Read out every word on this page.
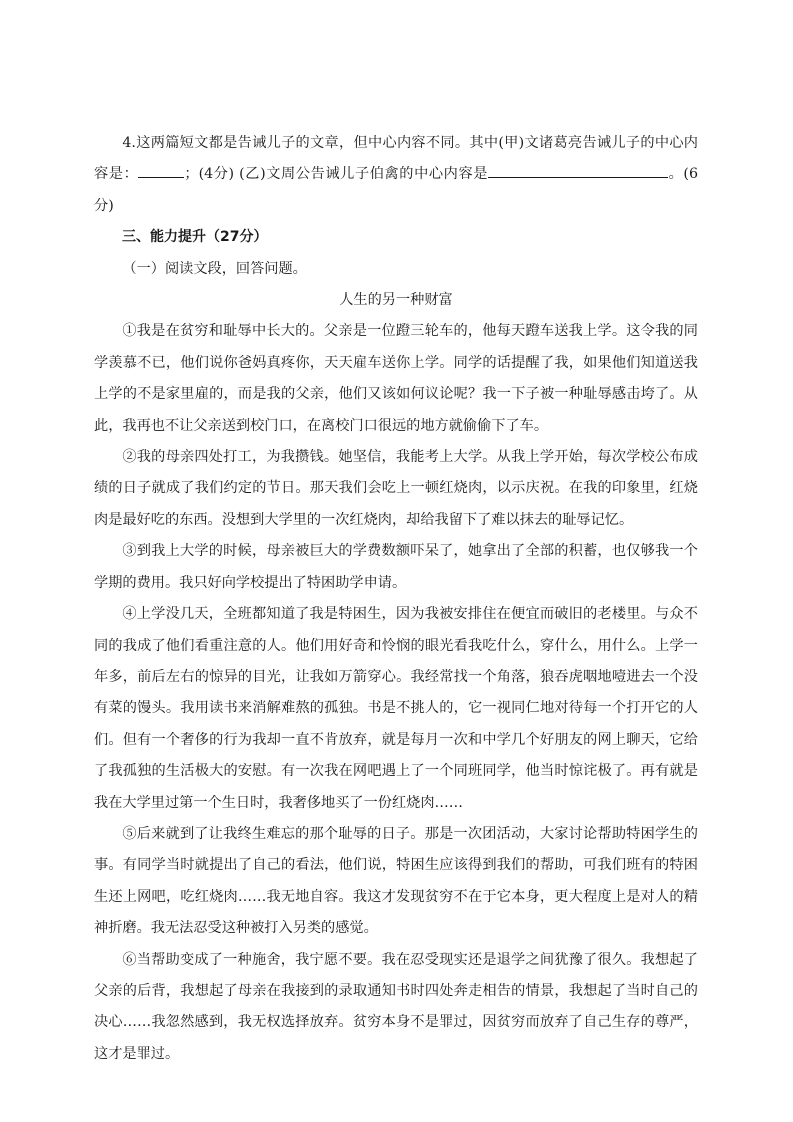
4.这两篇短文都是告诫儿子的文章，但中心内容不同。其中(甲)文诸葛亮告诫儿子的中心内容是：	；(4分) (乙)文周公告诫儿子伯禽的中心内容是	。(6分)

三、能力提升（27分）

（一）阅读文段，回答问题。

人生的另一种财富

①我是在贫穷和耻辱中长大的。父亲是一位蹬三轮车的，他每天蹬车送我上学。这令我的同学羡慕不已，他们说你爸妈真疼你，天天雇车送你上学。同学的话提醒了我，如果他们知道送我上学的不是家里雇的，而是我的父亲，他们又该如何议论呢？我一下子被一种耻辱感击垮了。从此，我再也不让父亲送到校门口，在离校门口很远的地方就偷偷下了车。

②我的母亲四处打工，为我攒钱。她坚信，我能考上大学。从我上学开始，每次学校公布成绩的日子就成了我们约定的节日。那天我们会吃上一顿红烧肉，以示庆祝。在我的印象里，红烧肉是最好吃的东西。没想到大学里的一次红烧肉，却给我留下了难以抹去的耻辱记忆。

③到我上大学的时候，母亲被巨大的学费数额吓呆了，她拿出了全部的积蓄，也仅够我一个学期的费用。我只好向学校提出了特困助学申请。

④上学没几天，全班都知道了我是特困生，因为我被安排住在便宜而破旧的老楼里。与众不同的我成了他们看重注意的人。他们用好奇和怜悯的眼光看我吃什么，穿什么，用什么。上学一年多，前后左右的惊异的目光，让我如万箭穿心。我经常找一个角落，狼吞虎咽地噎进去一个没有菜的馒头。我用读书来消解难熬的孤独。书是不挑人的，它一视同仁地对待每一个打开它的人们。但有一个奢侈的行为我却一直不肯放弃，就是每月一次和中学几个好朋友的网上聊天，它给了我孤独的生活极大的安慰。有一次我在网吧遇上了一个同班同学，他当时惊诧极了。再有就是我在大学里过第一个生日时，我奢侈地买了一份红烧肉……

⑤后来就到了让我终生难忘的那个耻辱的日子。那是一次团活动，大家讨论帮助特困学生的事。有同学当时就提出了自己的看法，他们说，特困生应该得到我们的帮助，可我们班有的特困生还上网吧，吃红烧肉……我无地自容。我这才发现贫穷不在于它本身，更大程度上是对人的精神折磨。我无法忍受这种被打入另类的感觉。

⑥当帮助变成了一种施舍，我宁愿不要。我在忍受现实还是退学之间犹豫了很久。我想起了父亲的后背，我想起了母亲在我接到的录取通知书时四处奔走相告的情景，我想起了当时自己的决心……我忽然感到，我无权选择放弃。贫穷本身不是罪过，因贫穷而放弃了自己生存的尊严，这才是罪过。
